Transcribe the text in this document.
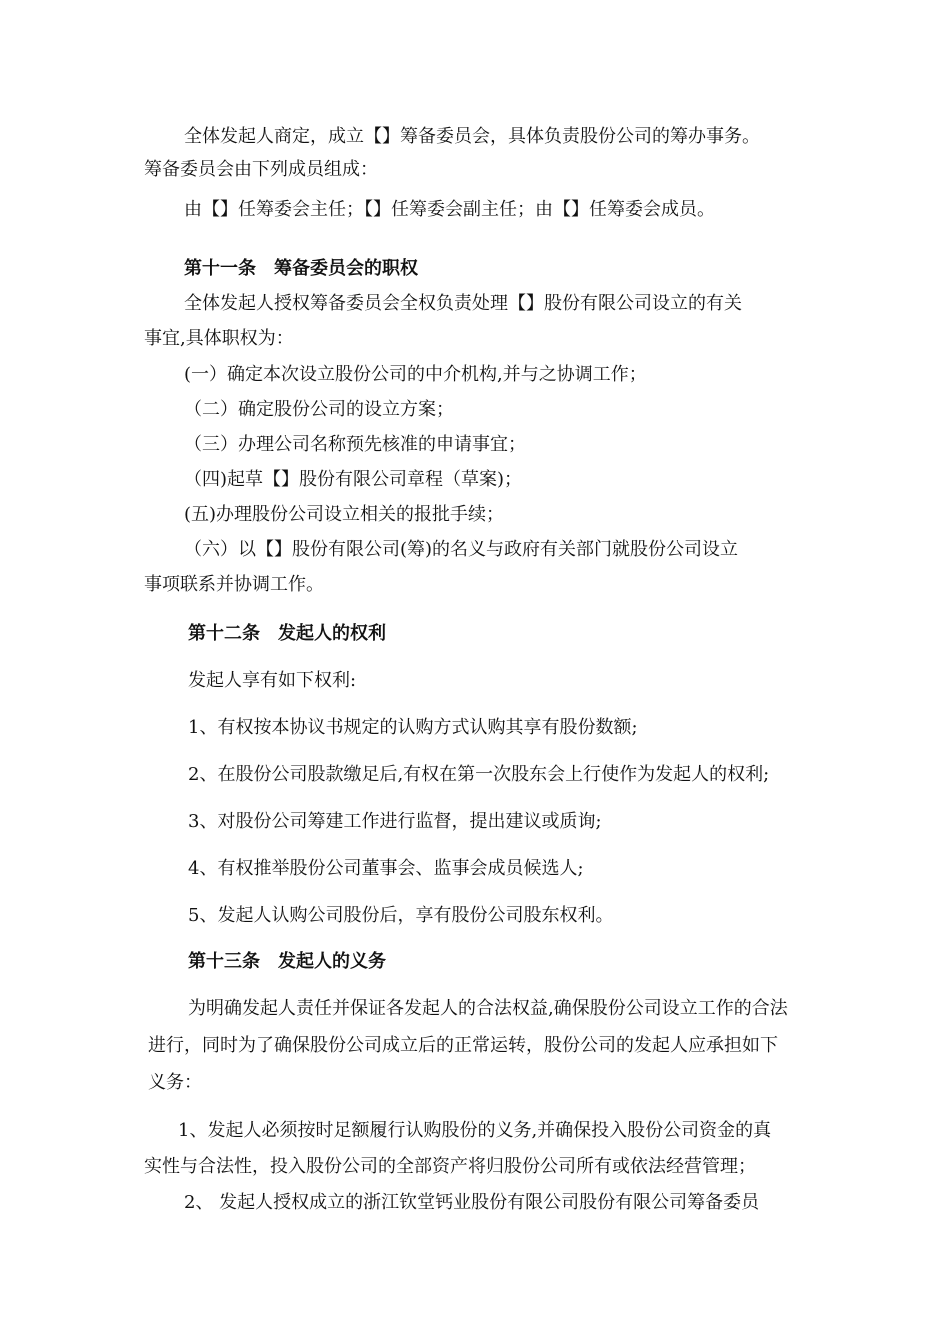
全体发起人商定，成立【】筹备委员会，具体负责股份公司的筹办事务。
筹备委员会由下列成员组成：
由【】任筹委会主任；【】任筹委会副主任；由【】任筹委会成员。
第十一条　筹备委员会的职权
全体发起人授权筹备委员会全权负责处理【】股份有限公司设立的有关
事宜,具体职权为：
(一）确定本次设立股份公司的中介机构,并与之协调工作；
（二）确定股份公司的设立方案；
（三）办理公司名称预先核准的申请事宜；
（四)起草【】股份有限公司章程（草案)；
(五)办理股份公司设立相关的报批手续；
（六）以【】股份有限公司(筹)的名义与政府有关部门就股份公司设立
事项联系并协调工作。
第十二条　发起人的权利
发起人享有如下权利:
1、有权按本协议书规定的认购方式认购其享有股份数额;
2、在股份公司股款缴足后,有权在第一次股东会上行使作为发起人的权利;
3、对股份公司筹建工作进行监督，提出建议或质询;
4、有权推举股份公司董事会、监事会成员候选人;
5、发起人认购公司股份后，享有股份公司股东权利。
第十三条　发起人的义务
为明确发起人责任并保证各发起人的合法权益,确保股份公司设立工作的合法
进行，同时为了确保股份公司成立后的正常运转，股份公司的发起人应承担如下
义务：
1、发起人必须按时足额履行认购股份的义务,并确保投入股份公司资金的真
实性与合法性，投入股份公司的全部资产将归股份公司所有或依法经营管理；
2、 发起人授权成立的浙江钦堂钙业股份有限公司股份有限公司筹备委员
